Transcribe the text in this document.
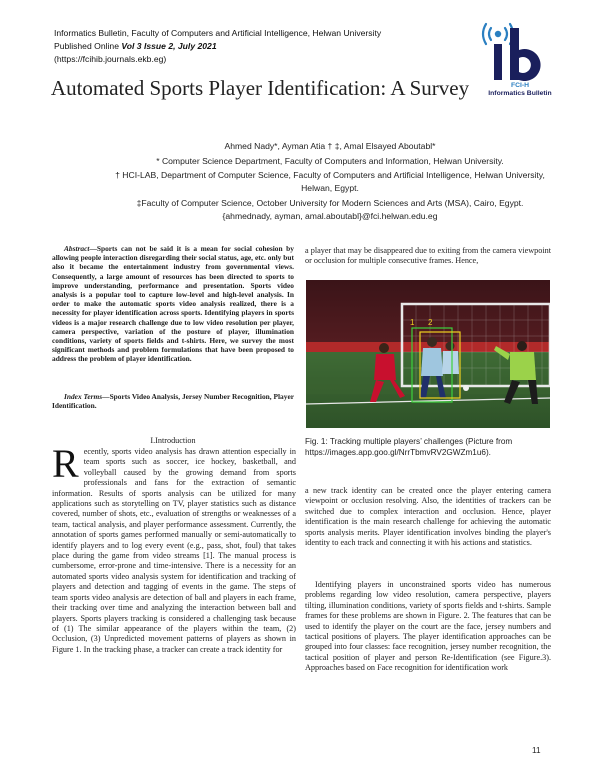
Informatics Bulletin, Faculty of Computers and Artificial Intelligence, Helwan University
Published Online Vol 3 Issue 2, July 2021
(https://fcihib.journals.ekb.eg)
FCI-H
Informatics Bulletin
Automated Sports Player Identification: A Survey
Ahmed Nady*, Ayman Atia † ‡, Amal Elsayed Aboutabl*
* Computer Science Department, Faculty of Computers and Information, Helwan University.
† HCI-LAB, Department of Computer Science, Faculty of Computers and Artificial Intelligence, Helwan University, Helwan, Egypt.
‡Faculty of Computer Science, October University for Modern Sciences and Arts (MSA), Cairo, Egypt.
{ahmednady, ayman, amal.aboutabl}@fci.helwan.edu.eg
Abstract—Sports can not be said it is a mean for social cohesion by allowing people interaction disregarding their social status, age, etc. only but also it became the entertainment industry from governmental views. Consequently, a large amount of resources has been directed to sports to improve understanding, performance and presentation. Sports video analysis is a popular tool to capture low-level and high-level analysis. In order to make the automatic sports video analysis realized, there is a necessity for player identification across sports. Identifying players in sports videos is a major research challenge due to low video resolution per player, camera perspective, variation of the posture of player, illumination conditions, variety of sports fields and t-shirts. Here, we survey the most significant methods and problem formulations that have been proposed to address the problem of player identification.
Index Terms—Sports Video Analysis, Jersey Number Recognition, Player Identification.
I.Introduction
Recently, sports video analysis has drawn attention especially in team sports such as soccer, ice hockey, basketball, and volleyball caused by the growing demand from sports professionals and fans for the extraction of semantic information. Results of sports analysis can be utilized for many applications such as storytelling on TV, player statistics such as distance covered, number of shots, etc., evaluation of strengths or weaknesses of a team, tactical analysis, and player performance assessment. Currently, the annotation of sports games performed manually or semi-automatically to identify players and to log every event (e.g., pass, shot, foul) that takes place during the game from video streams [1]. The manual process is cumbersome, error-prone and time-intensive. There is a necessity for an automated sports video analysis system for identification and tracking of players and detection and tagging of events in the game. The steps of team sports video analysis are detection of ball and players in each frame, their tracking over time and analyzing the interaction between ball and players. Sports players tracking is considered a challenging task because of (1) The similar appearance of the players within the team, (2) Occlusion, (3) Unpredicted movement patterns of players as shown in Figure 1. In the tracking phase, a tracker can create a track identity for
a player that may be disappeared due to exiting from the camera viewpoint or occlusion for multiple consecutive frames. Hence,
1 2
Fig. 1: Tracking multiple players’ challenges (Picture from https://images.app.goo.gl/NrrTbmvRV2GWZm1u6).
a new track identity can be created once the player entering camera viewpoint or occlusion resolving. Also, the identities of trackers can be switched due to complex interaction and occlusion. Hence, player identification is the main research challenge for achieving the automatic sports analysis merits. Player identification involves binding the player's identity to each track and connecting it with his actions and statistics.
Identifying players in unconstrained sports video has numerous problems regarding low video resolution, camera perspective, players tilting, illumination conditions, variety of sports fields and t-shirts. Sample frames for these problems are shown in Figure. 2. The features that can be used to identify the player on the court are the face, jersey numbers and tactical positions of players. The player identification approaches can be grouped into four classes: face recognition, jersey number recognition, the tactical position of player and person Re-Identification (see Figure.3). Approaches based on Face recognition for identification work
11
